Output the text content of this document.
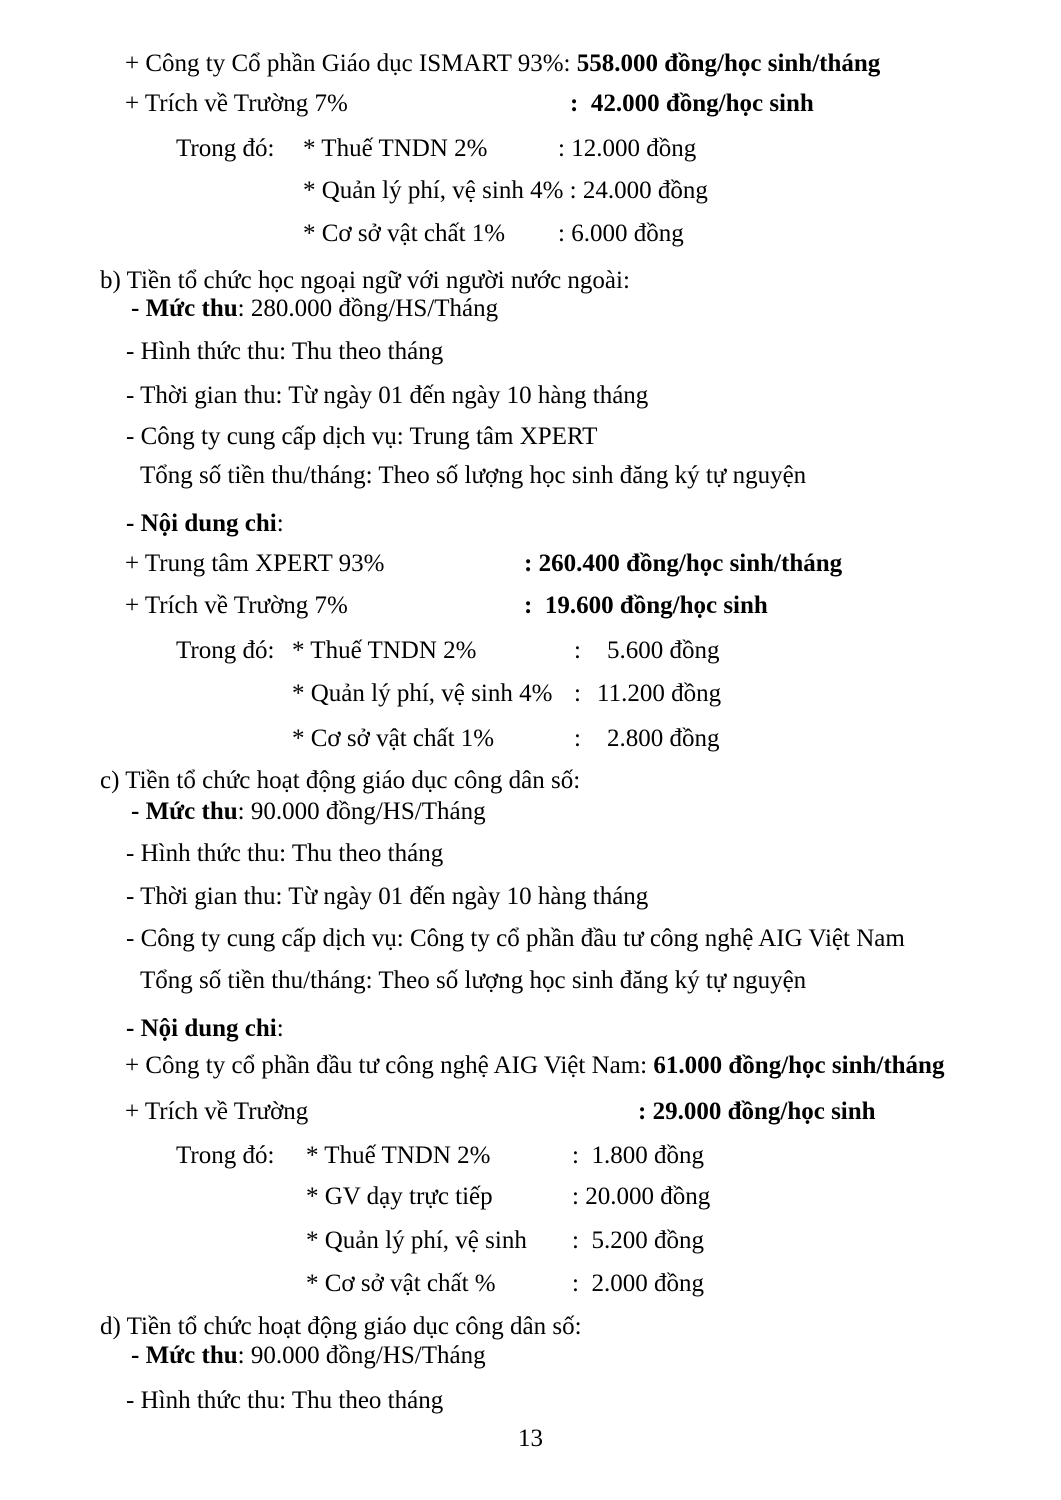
+ Công ty Cổ phần Giáo dục ISMART 93%: 558.000 đồng/học sinh/tháng
+ Trích về Trường 7%	:  42.000 đồng/học sinh
Trong đó: * Thuế TNDN 2%	: 12.000 đồng
* Quản lý phí, vệ sinh 4% : 24.000 đồng
* Cơ sở vật chất 1% : 6.000 đồng
b) Tiền tổ chức học ngoại ngữ với người nước ngoài:
- Mức thu: 280.000 đồng/HS/Tháng
- Hình thức thu: Thu theo tháng
- Thời gian thu: Từ ngày 01 đến ngày 10 hàng tháng
- Công ty cung cấp dịch vụ: Trung tâm XPERT
Tổng số tiền thu/tháng: Theo số lượng học sinh đăng ký tự nguyện
- Nội dung chi:
+ Trung tâm XPERT 93%	: 260.400 đồng/học sinh/tháng
+ Trích về Trường 7%	:  19.600 đồng/học sinh
Trong đó: * Thuế TNDN 2%	: 5.600 đồng
* Quản lý phí, vệ sinh 4% : 11.200 đồng
* Cơ sở vật chất 1%	: 2.800 đồng
c) Tiền tổ chức hoạt động giáo dục công dân số:
- Mức thu: 90.000 đồng/HS/Tháng
- Hình thức thu: Thu theo tháng
- Thời gian thu: Từ ngày 01 đến ngày 10 hàng tháng
- Công ty cung cấp dịch vụ: Công ty cổ phần đầu tư công nghệ AIG Việt Nam
Tổng số tiền thu/tháng: Theo số lượng học sinh đăng ký tự nguyện
- Nội dung chi:
+ Công ty cổ phần đầu tư công nghệ AIG Việt Nam: 61.000 đồng/học sinh/tháng
+ Trích về Trường	: 29.000 đồng/học sinh
Trong đó: * Thuế TNDN 2%	:  1.800 đồng
* GV dạy trực tiếp	: 20.000 đồng
* Quản lý phí, vệ sinh :  5.200 đồng
* Cơ sở vật chất %	:  2.000 đồng
d) Tiền tổ chức hoạt động giáo dục công dân số:
- Mức thu: 90.000 đồng/HS/Tháng
- Hình thức thu: Thu theo tháng
13
